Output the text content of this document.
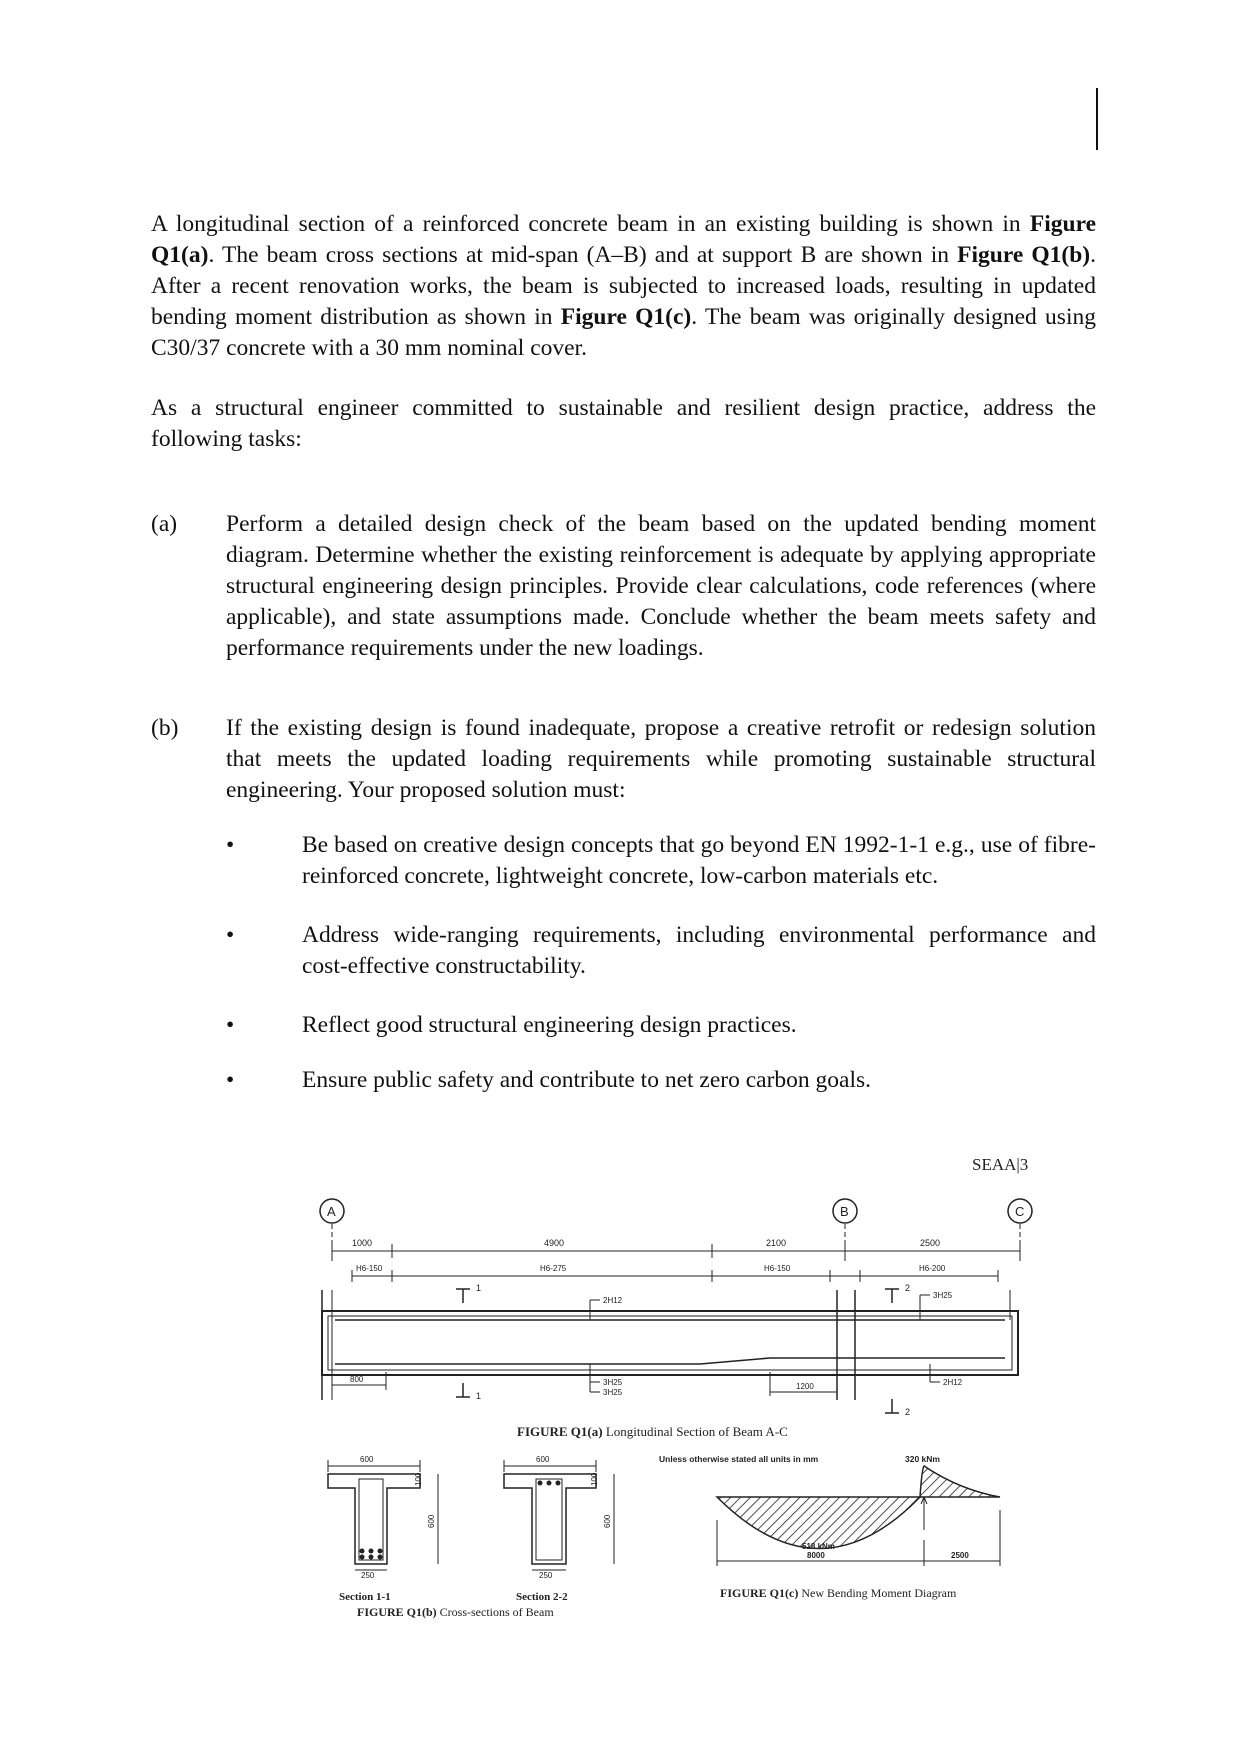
A longitudinal section of a reinforced concrete beam in an existing building is shown in Figure Q1(a). The beam cross sections at mid-span (A–B) and at support B are shown in Figure Q1(b). After a recent renovation works, the beam is subjected to increased loads, resulting in updated bending moment distribution as shown in Figure Q1(c). The beam was originally designed using C30/37 concrete with a 30 mm nominal cover.

As a structural engineer committed to sustainable and resilient design practice, address the following tasks:

(a) Perform a detailed design check of the beam based on the updated bending moment diagram. Determine whether the existing reinforcement is adequate by applying appropriate structural engineering design principles. Provide clear calculations, code references (where applicable), and state assumptions made. Conclude whether the beam meets safety and performance requirements under the new loadings.

(b) If the existing design is found inadequate, propose a creative retrofit or redesign solution that meets the updated loading requirements while promoting sustainable structural engineering. Your proposed solution must:

•	Be based on creative design concepts that go beyond EN 1992-1-1 e.g., use of fibre-reinforced concrete, lightweight concrete, low-carbon materials etc.

•	Address wide-ranging requirements, including environmental performance and cost-effective constructability.

•	Reflect good structural engineering design practices.

•	Ensure public safety and contribute to net zero carbon goals.

SEAA|3
A	B	C
1000	4900	2100	2500
H6-150	H6-275	H6-150	H6-200
2H12
3H25
3H25
3H25
2H12
800
1200
1
1
2
2
FIGURE Q1(a) Longitudinal Section of Beam A-C
600
100
600
250
Section 1-1
600
100
600
250
Section 2-2
FIGURE Q1(b) Cross-sections of Beam
Unless otherwise stated all units in mm	320 kNm
518 kNm
8000	2500
FIGURE Q1(c) New Bending Moment Diagram
